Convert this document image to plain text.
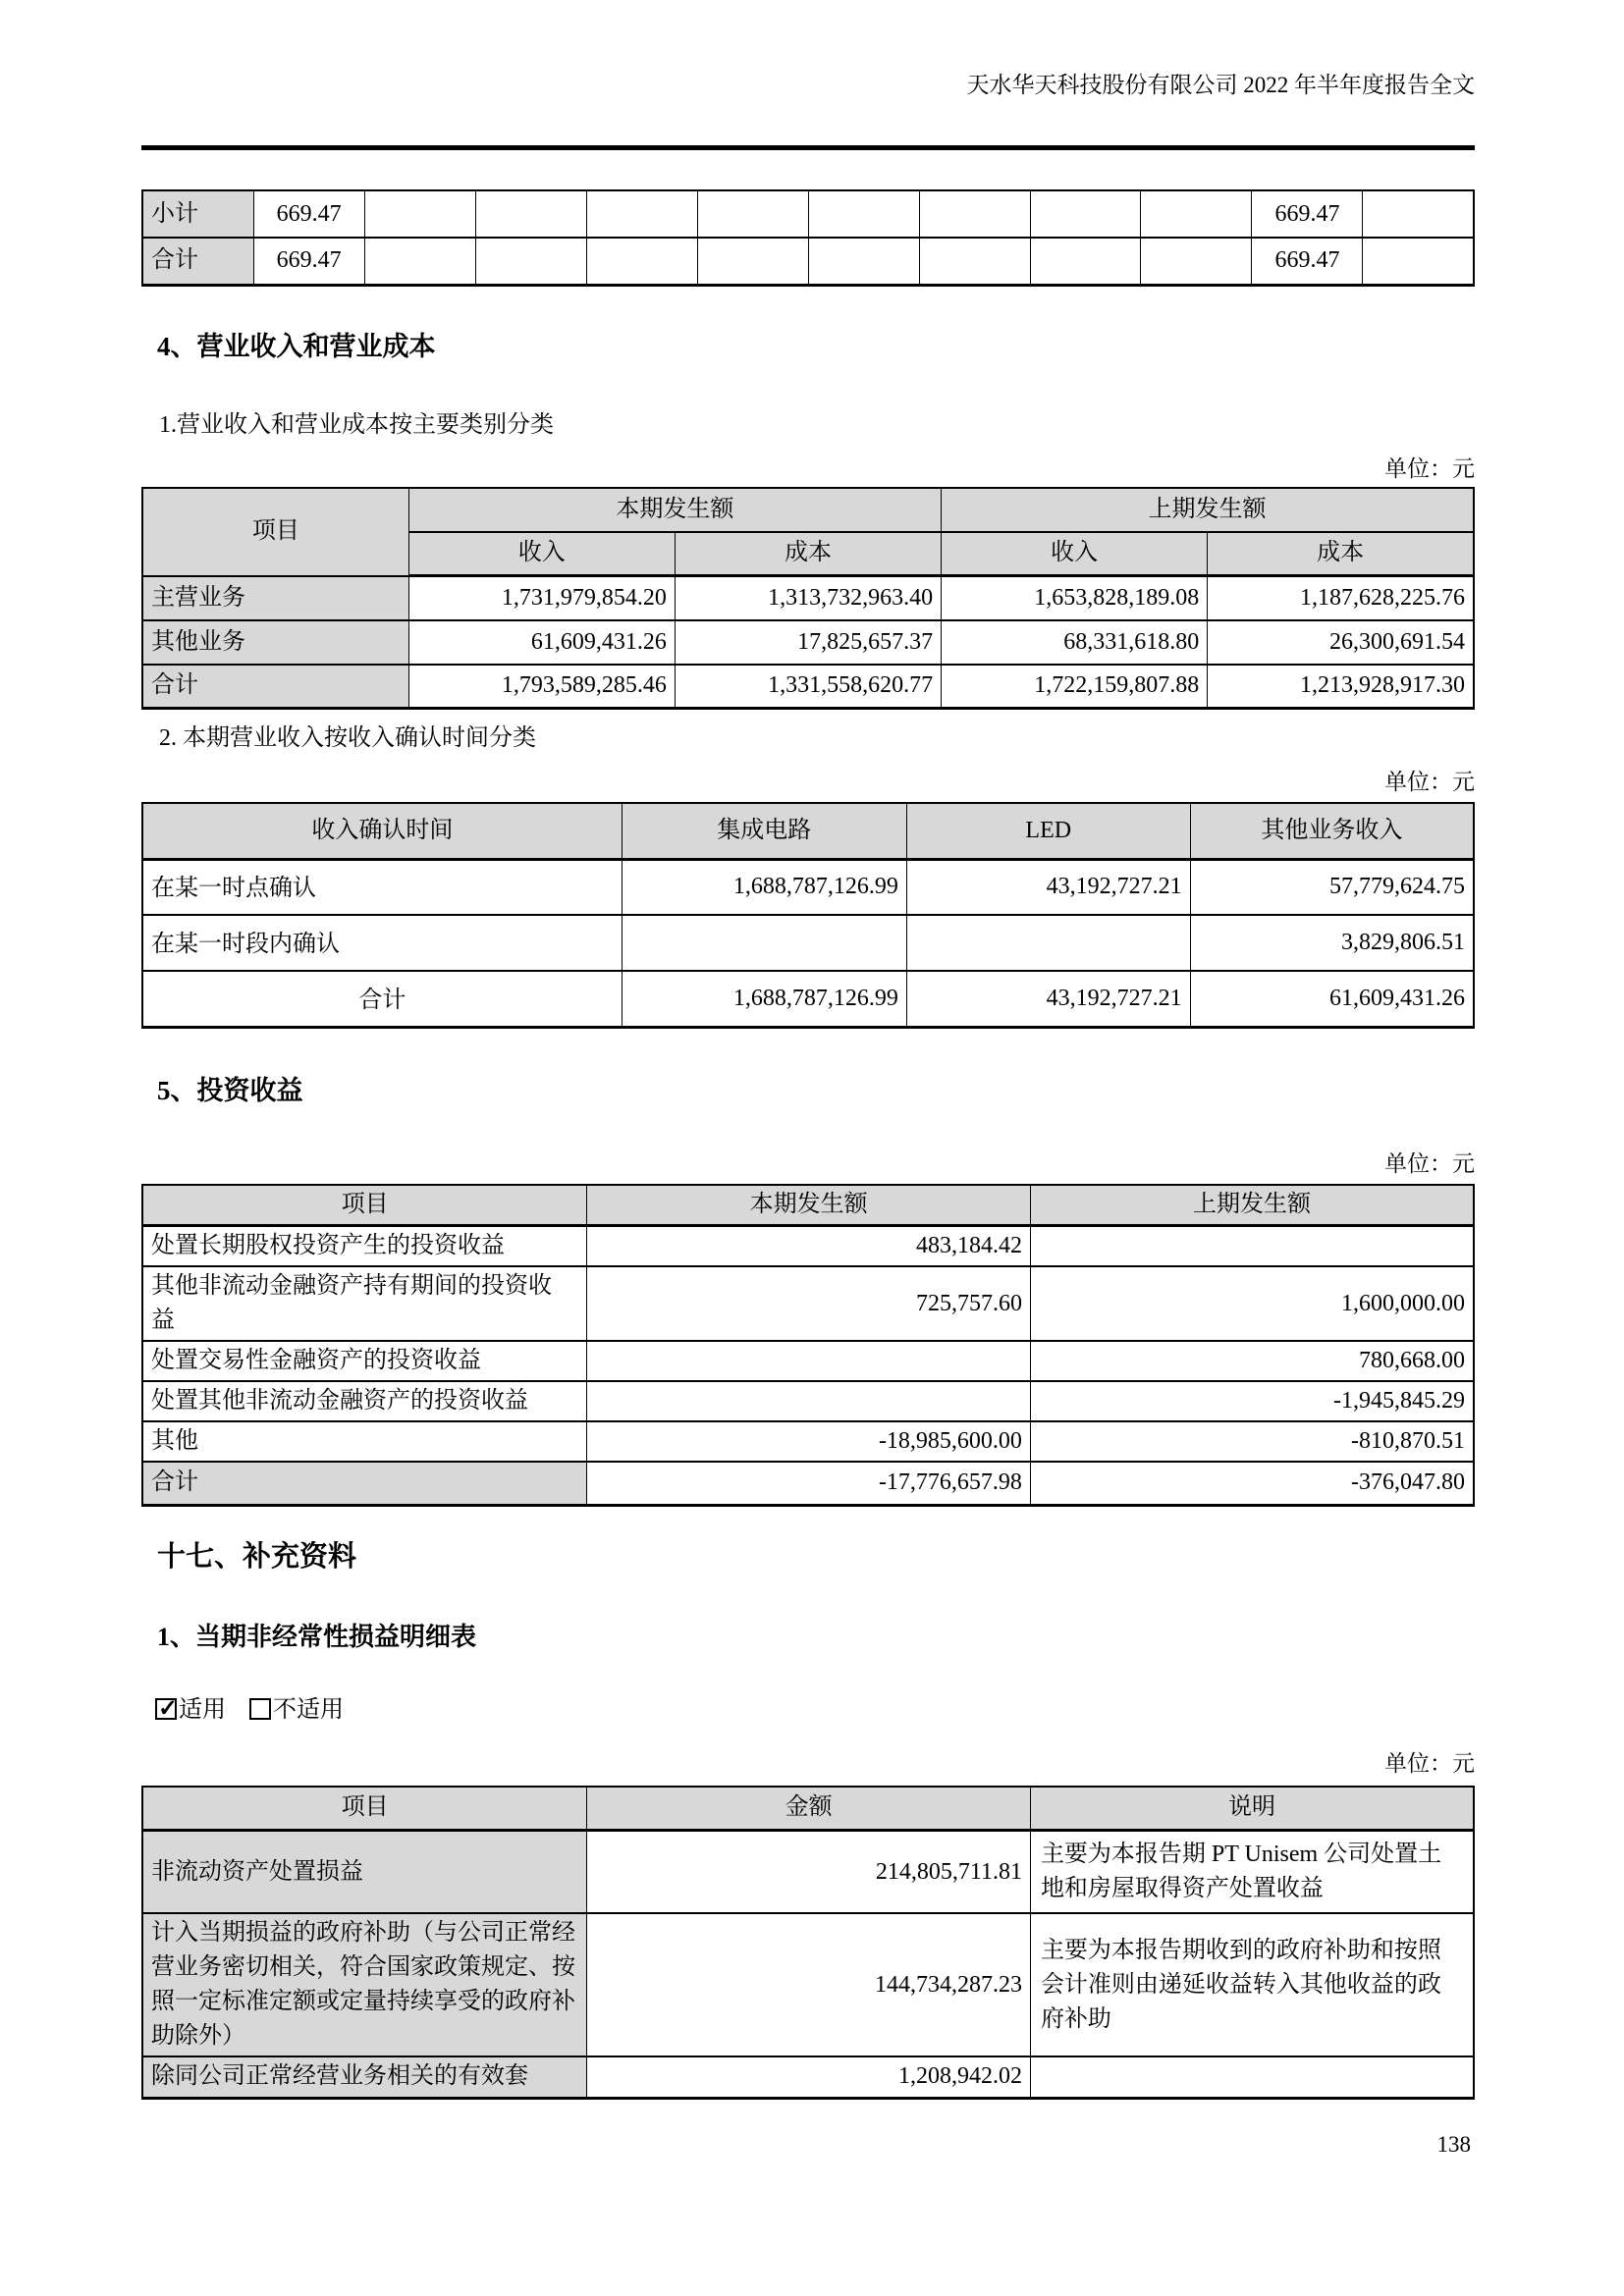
天水华天科技股份有限公司 2022 年半年度报告全文
小计	669.47									669.47	
合计	669.47									669.47	
4、营业收入和营业成本
1.营业收入和营业成本按主要类别分类
单位：元
项目	本期发生额		上期发生额	
	收入	成本	收入	成本
主营业务	1,731,979,854.20	1,313,732,963.40	1,653,828,189.08	1,187,628,225.76
其他业务	61,609,431.26	17,825,657.37	68,331,618.80	26,300,691.54
合计	1,793,589,285.46	1,331,558,620.77	1,722,159,807.88	1,213,928,917.30
2. 本期营业收入按收入确认时间分类
单位：元
收入确认时间	集成电路	LED	其他业务收入
在某一时点确认	1,688,787,126.99	43,192,727.21	57,779,624.75
在某一时段内确认			3,829,806.51
合计	1,688,787,126.99	43,192,727.21	61,609,431.26
5、投资收益
单位：元
项目	本期发生额	上期发生额
处置长期股权投资产生的投资收益	483,184.42	
其他非流动金融资产持有期间的投资收益	725,757.60	1,600,000.00
处置交易性金融资产的投资收益		780,668.00
处置其他非流动金融资产的投资收益		-1,945,845.29
其他	-18,985,600.00	-810,870.51
合计	-17,776,657.98	-376,047.80
十七、补充资料
1、当期非经常性损益明细表
✓适用 不适用
单位：元
项目	金额	说明
非流动资产处置损益	214,805,711.81	主要为本报告期 PT Unisem 公司处置土地和房屋取得资产处置收益
计入当期损益的政府补助（与公司正常经营业务密切相关，符合国家政策规定、按照一定标准定额或定量持续享受的政府补助除外）	144,734,287.23	主要为本报告期收到的政府补助和按照会计准则由递延收益转入其他收益的政府补助
除同公司正常经营业务相关的有效套	1,208,942.02	
138
